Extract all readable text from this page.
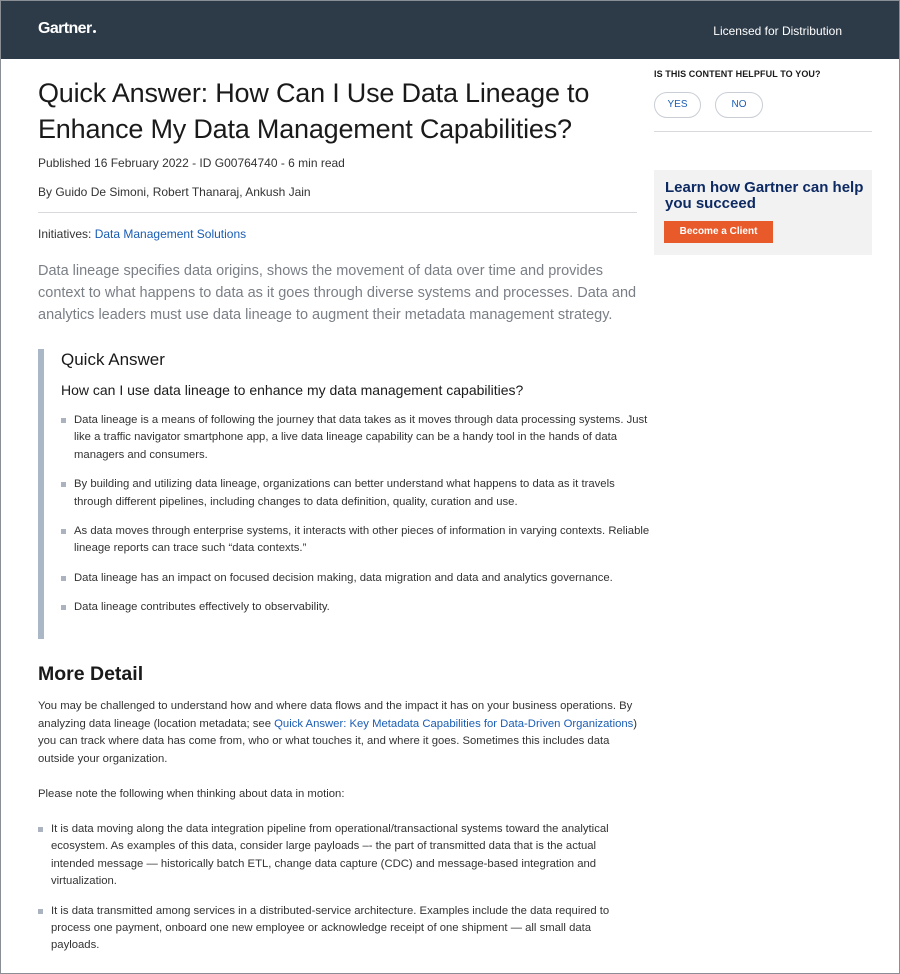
Gartner	Licensed for Distribution
Quick Answer: How Can I Use Data Lineage to Enhance My Data Management Capabilities?
Published 16 February 2022 - ID G00764740 - 6 min read
By Guido De Simoni, Robert Thanaraj, Ankush Jain
Initiatives: Data Management Solutions

Data lineage specifies data origins, shows the movement of data over time and provides context to what happens to data as it goes through diverse systems and processes. Data and analytics leaders must use data lineage to augment their metadata management strategy.

Quick Answer
How can I use data lineage to enhance my data management capabilities?
Data lineage is a means of following the journey that data takes as it moves through data processing systems. Just like a traffic navigator smartphone app, a live data lineage capability can be a handy tool in the hands of data managers and consumers.
By building and utilizing data lineage, organizations can better understand what happens to data as it travels through different pipelines, including changes to data definition, quality, curation and use.
As data moves through enterprise systems, it interacts with other pieces of information in varying contexts. Reliable lineage reports can trace such “data contexts.”
Data lineage has an impact on focused decision making, data migration and data and analytics governance.
Data lineage contributes effectively to observability.
More Detail

You may be challenged to understand how and where data flows and the impact it has on your business operations. By analyzing data lineage (location metadata; see Quick Answer: Key Metadata Capabilities for Data-Driven Organizations) you can track where data has come from, who or what touches it, and where it goes. Sometimes this includes data outside your organization.

Please note the following when thinking about data in motion:

It is data moving along the data integration pipeline from operational/transactional systems toward the analytical ecosystem. As examples of this data, consider large payloads –- the part of transmitted data that is the actual intended message — historically batch ETL, change data capture (CDC) and message-based integration and virtualization.
It is data transmitted among services in a distributed-service architecture. Examples include the data required to process one payment, onboard one new employee or acknowledge receipt of one shipment — all small data payloads.
IS THIS CONTENT HELPFUL TO YOU?
YES	NO
Learn how Gartner can help you succeed
Become a Client
